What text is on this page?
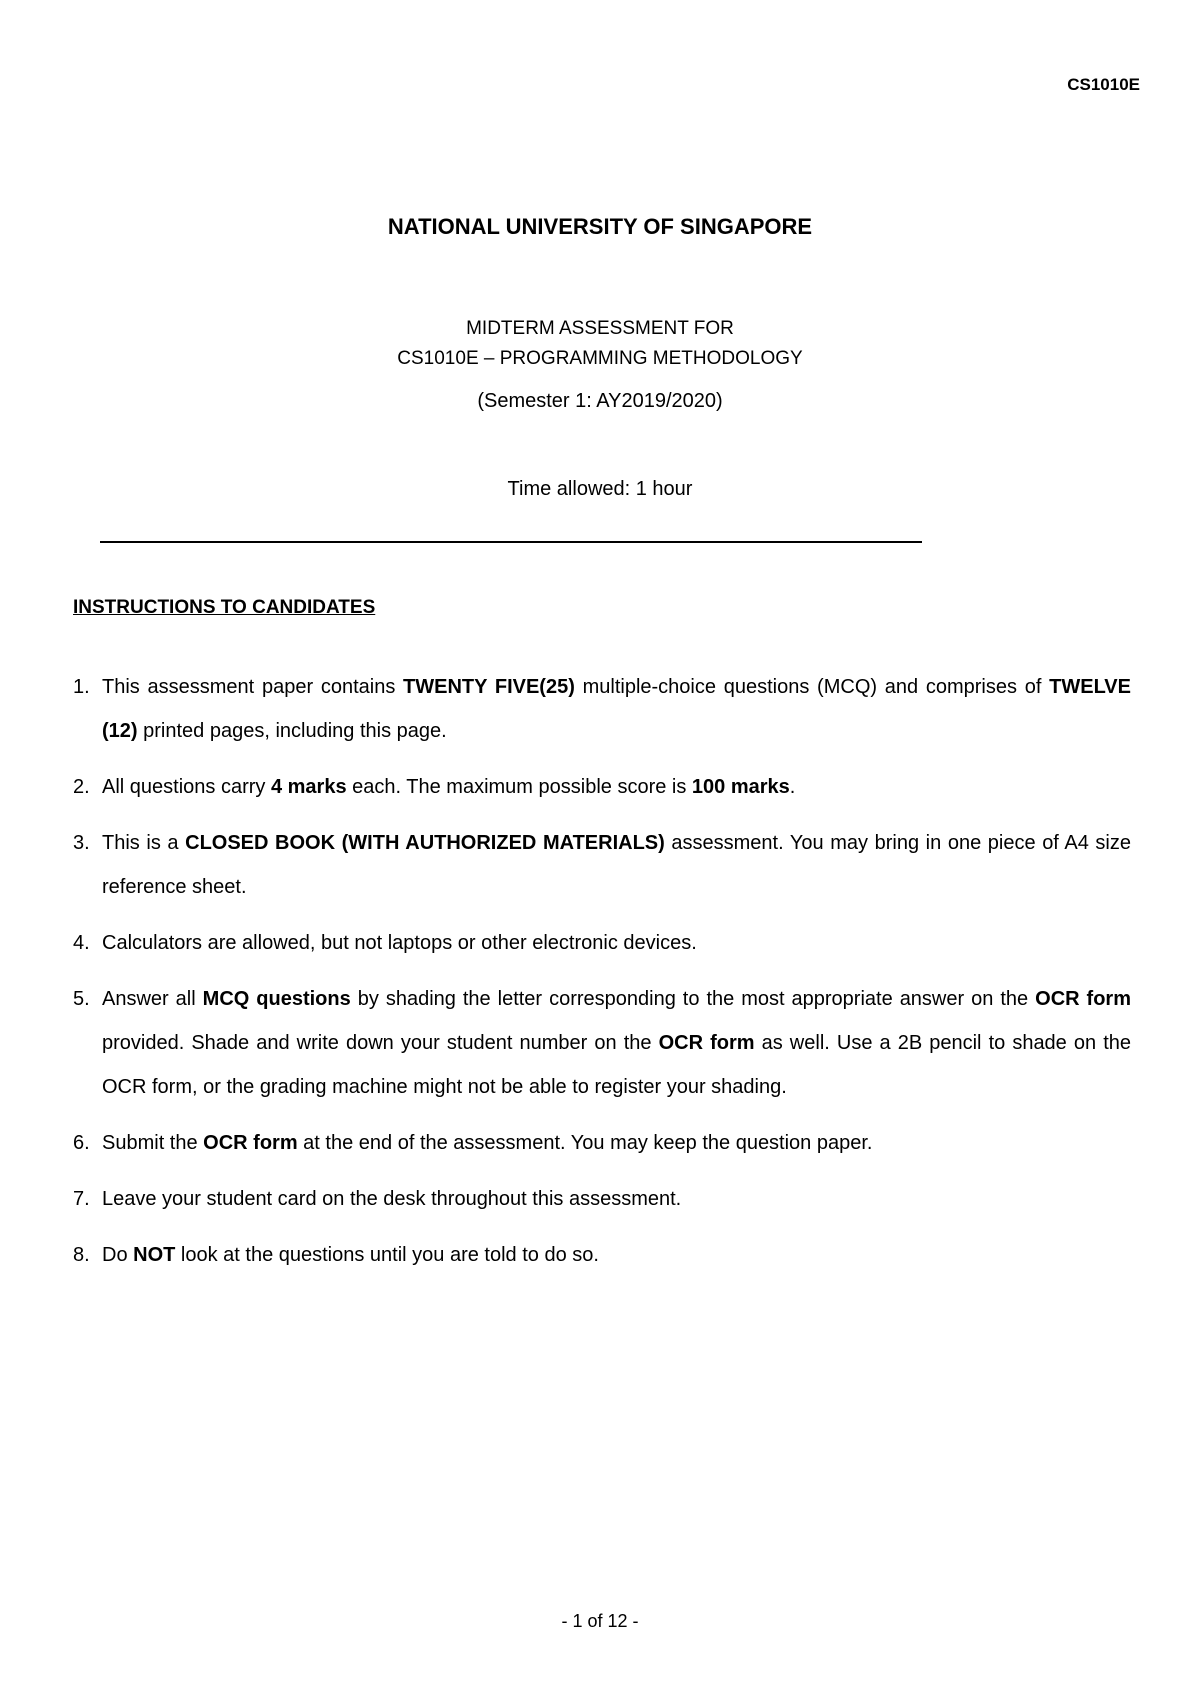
CS1010E
NATIONAL UNIVERSITY OF SINGAPORE
MIDTERM ASSESSMENT FOR
CS1010E – PROGRAMMING METHODOLOGY
(Semester 1: AY2019/2020)
Time allowed: 1 hour
INSTRUCTIONS TO CANDIDATES
1. This assessment paper contains TWENTY FIVE(25) multiple-choice questions (MCQ) and comprises of TWELVE (12) printed pages, including this page.
2. All questions carry 4 marks each. The maximum possible score is 100 marks.
3. This is a CLOSED BOOK (WITH AUTHORIZED MATERIALS) assessment. You may bring in one piece of A4 size reference sheet.
4. Calculators are allowed, but not laptops or other electronic devices.
5. Answer all MCQ questions by shading the letter corresponding to the most appropriate answer on the OCR form provided. Shade and write down your student number on the OCR form as well. Use a 2B pencil to shade on the OCR form, or the grading machine might not be able to register your shading.
6. Submit the OCR form at the end of the assessment. You may keep the question paper.
7. Leave your student card on the desk throughout this assessment.
8. Do NOT look at the questions until you are told to do so.
- 1 of 12 -
